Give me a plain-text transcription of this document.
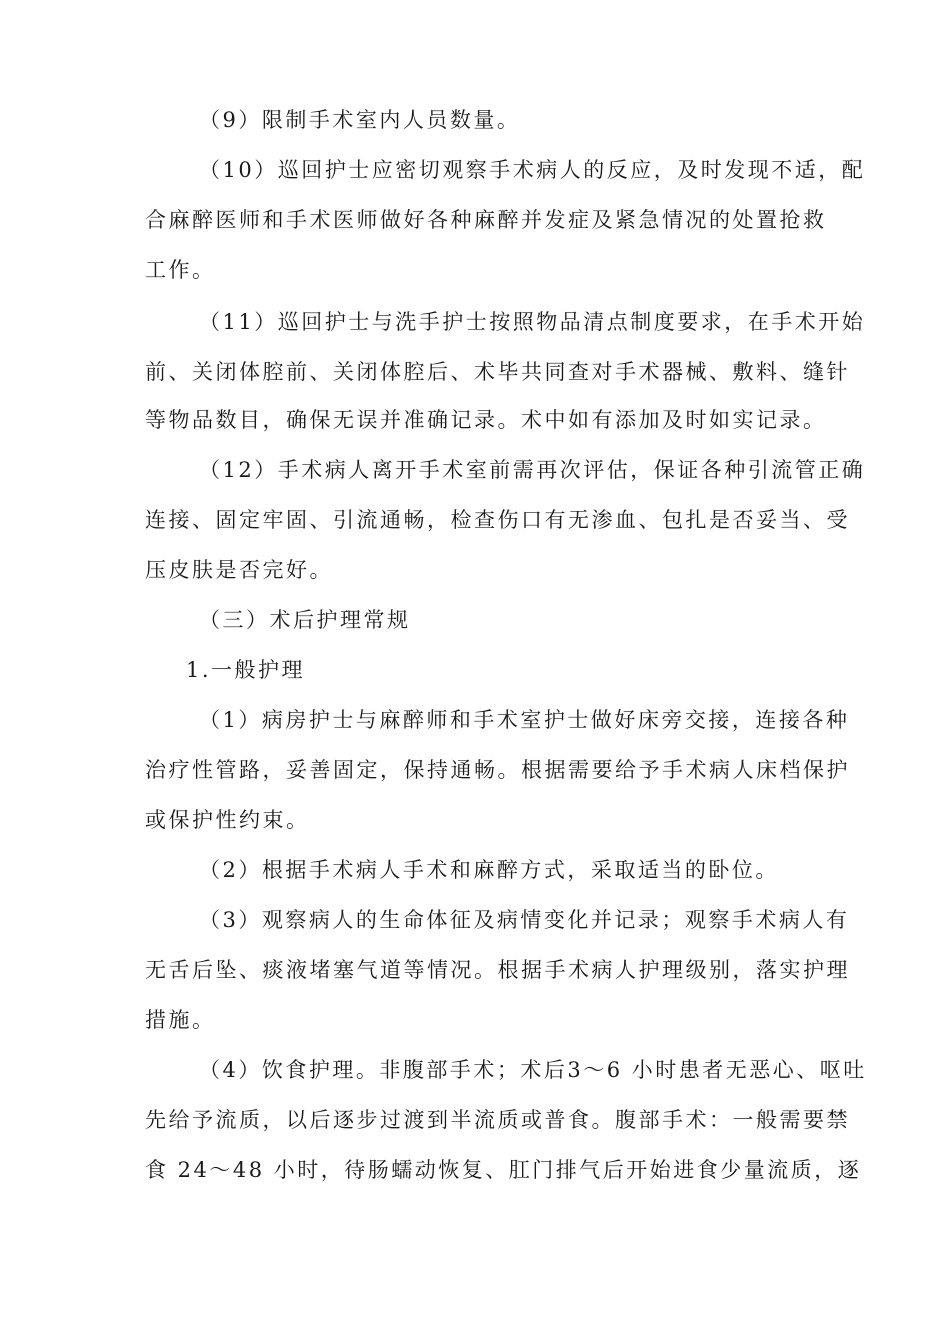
（9）限制手术室内人员数量。
（10）巡回护士应密切观察手术病人的反应，及时发现不适，配
合麻醉医师和手术医师做好各种麻醉并发症及紧急情况的处置抢救
工作。
（11）巡回护士与洗手护士按照物品清点制度要求，在手术开始
前、关闭体腔前、关闭体腔后、术毕共同查对手术器械、敷料、缝针
等物品数目，确保无误并准确记录。术中如有添加及时如实记录。
（12）手术病人离开手术室前需再次评估，保证各种引流管正确
连接、固定牢固、引流通畅，检查伤口有无渗血、包扎是否妥当、受
压皮肤是否完好。
（三）术后护理常规
1.一般护理
（1）病房护士与麻醉师和手术室护士做好床旁交接，连接各种
治疗性管路，妥善固定，保持通畅。根据需要给予手术病人床档保护
或保护性约束。
（2）根据手术病人手术和麻醉方式，采取适当的卧位。
（3）观察病人的生命体征及病情变化并记录；观察手术病人有
无舌后坠、痰液堵塞气道等情况。根据手术病人护理级别，落实护理
措施。
（4）饮食护理。非腹部手术；术后3～6 小时患者无恶心、呕吐
先给予流质，以后逐步过渡到半流质或普食。腹部手术：一般需要禁
食 24～48 小时，待肠蠕动恢复、肛门排气后开始进食少量流质，逐
